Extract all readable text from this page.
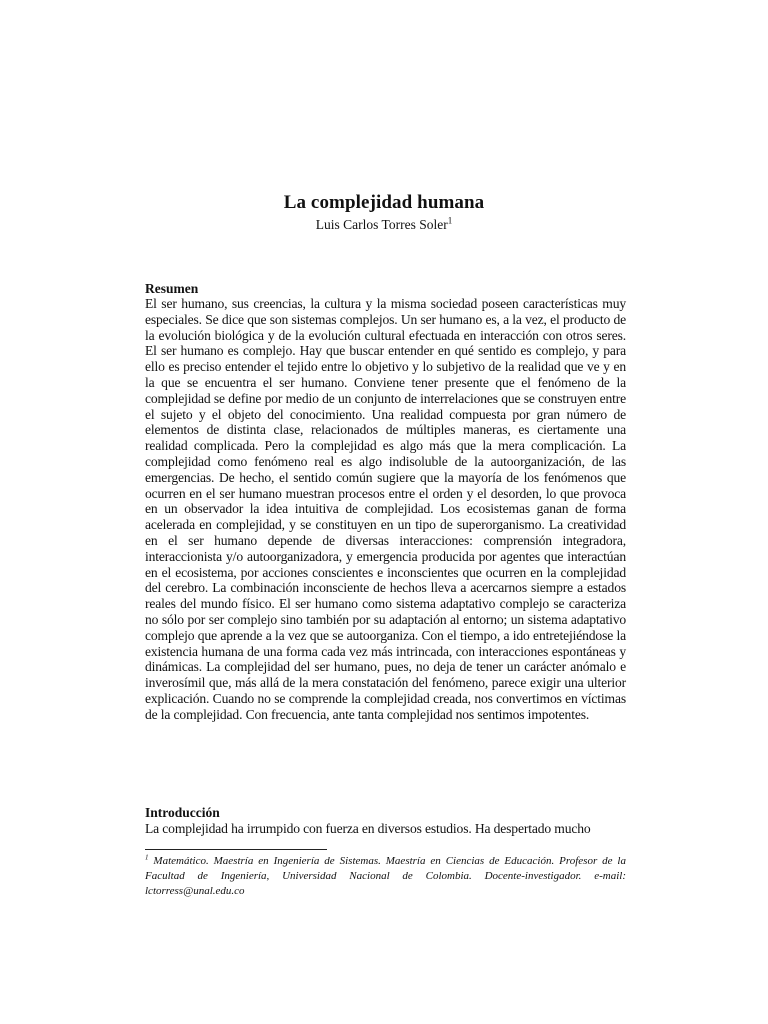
La complejidad humana
Luis Carlos Torres Soler$^1$
Resumen
El ser humano, sus creencias, la cultura y la misma sociedad poseen características muy especiales. Se dice que son sistemas complejos. Un ser humano es, a la vez, el producto de la evolución biológica y de la evolución cultural efectuada en interacción con otros seres. El ser humano es complejo. Hay que buscar entender en qué sentido es complejo, y para ello es preciso entender el tejido entre lo objetivo y lo subjetivo de la realidad que ve y en la que se encuentra el ser humano. Conviene tener presente que el fenómeno de la complejidad se define por medio de un conjunto de interrelaciones que se construyen entre el sujeto y el objeto del conocimiento. Una realidad compuesta por gran número de elementos de distinta clase, relacionados de múltiples maneras, es ciertamente una realidad complicada. Pero la complejidad es algo más que la mera complicación. La complejidad como fenómeno real es algo indisoluble de la autoorganización, de las emergencias. De hecho, el sentido común sugiere que la mayoría de los fenómenos que ocurren en el ser humano muestran procesos entre el orden y el desorden, lo que provoca en un observador la idea intuitiva de complejidad. Los ecosistemas ganan de forma acelerada en complejidad, y se constituyen en un tipo de superorganismo. La creatividad en el ser humano depende de diversas interacciones: comprensión integradora, interaccionista y/o autoorganizadora, y emergencia producida por agentes que interactúan en el ecosistema, por acciones conscientes e inconscientes que ocurren en la complejidad del cerebro. La combinación inconsciente de hechos lleva a acercarnos siempre a estados reales del mundo físico. El ser humano como sistema adaptativo complejo se caracteriza no sólo por ser complejo sino también por su adaptación al entorno; un sistema adaptativo complejo que aprende a la vez que se autoorganiza. Con el tiempo, a ido entretejiéndose la existencia humana de una forma cada vez más intrincada, con interacciones espontáneas y dinámicas. La complejidad del ser humano, pues, no deja de tener un carácter anómalo e inverosímil que, más allá de la mera constatación del fenómeno, parece exigir una ulterior explicación. Cuando no se comprende la complejidad creada, nos convertimos en víctimas de la complejidad. Con frecuencia, ante tanta complejidad nos sentimos impotentes.
Introducción
La complejidad ha irrumpido con fuerza en diversos estudios. Ha despertado mucho
$^1$ Matemático. Maestría en Ingeniería de Sistemas. Maestría en Ciencias de Educación. Profesor de la Facultad de Ingeniería, Universidad Nacional de Colombia. Docente-investigador. e-mail: lctorress@unal.edu.co
